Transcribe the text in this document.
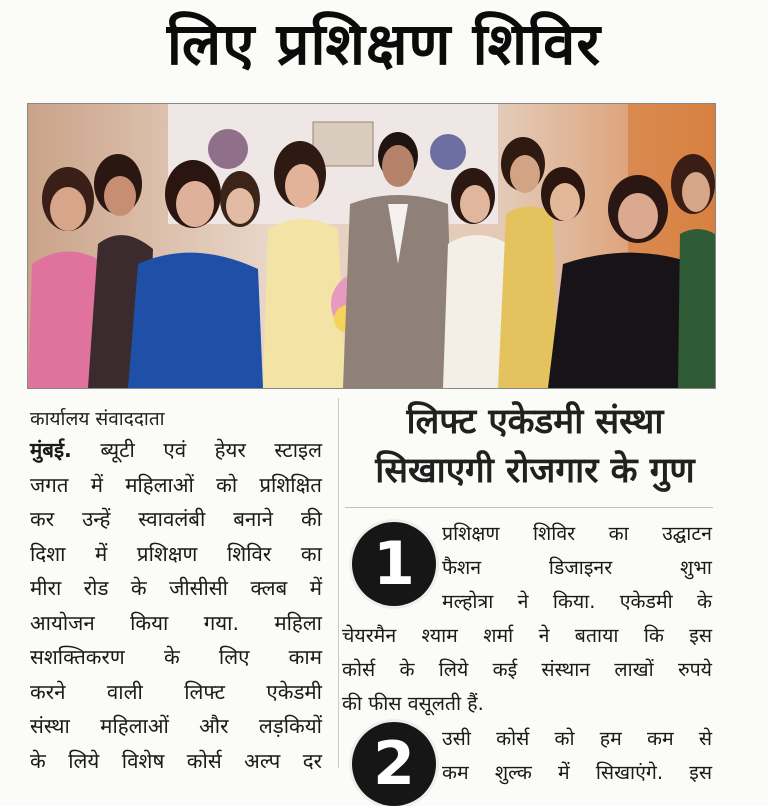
लिए प्रशिक्षण शिविर
कार्यालय संवाददाता
मुंबई. ब्यूटी एवं हेयर स्टाइल
जगत में महिलाओं को प्रशिक्षित
कर उन्हें स्वावलंबी बनाने की
दिशा में प्रशिक्षण शिविर का
मीरा रोड के जीसीसी क्लब में
आयोजन किया गया. महिला
सशक्तिकरण के लिए काम
करने वाली लिफ्ट एकेडमी
संस्था महिलाओं और लड़कियों
के लिये विशेष कोर्स अल्प दर
लिफ्ट एकेडमी संस्था
सिखाएगी रोजगार के गुण
1	प्रशिक्षण शिविर का उद्घाटन
फैशन डिजाइनर शुभा
मल्होत्रा ने किया. एकेडमी के
चेयरमैन श्याम शर्मा ने बताया कि इस
कोर्स के लिये कई संस्थान लाखों रुपये
की फीस वसूलती हैं.
2	उसी कोर्स को हम कम से
कम शुल्क में सिखाएंगे. इस
